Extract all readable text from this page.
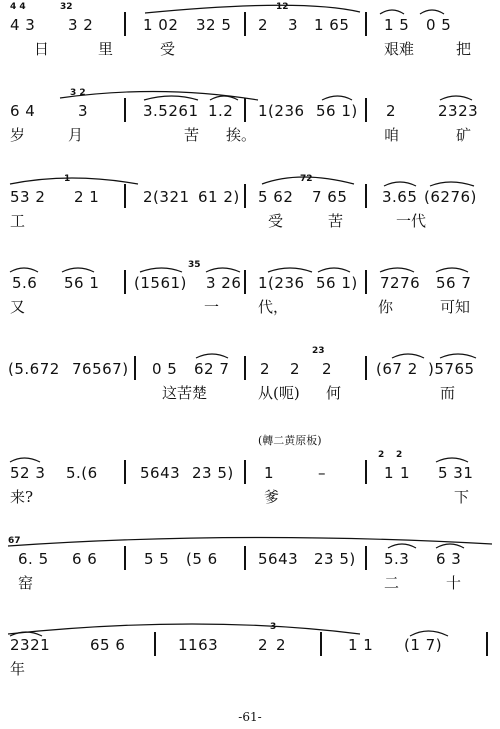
4 4	32	12
4 3 3 2	1 02 32 5 2 3 1 65 1 5 0 5
日	里	受	艰难	把
3 2
6 4	3	3.5261 1.2 1(236 56 1) 2	2323
岁	月	苦 挨。	咱	矿
1	72
53 2 2 1	2(321 61 2) 5 62 7 65 3.65 (6276)
工	受	苦	一代
35
5.6 56 1 (1561) 3 26 1(236 56 1) 7276 56 7
又	一	代，	你	可知
23
(5.672 76567) 0 5 62 7 2 2 2	(67 2 )5765
这苦楚	从(呃) 何	而
(轉二黄原板)
2 2
52 3 5.(6	5643 23 5) 1	–	1 1 5 31
来?	爹	下
67
6. 5 6 6	5 5 (5 6	5643 23 5) 5.3 6 3
窑	二	十
3
2321	65 6	1163	2 2	1 1 (1 7)
年
-61-
